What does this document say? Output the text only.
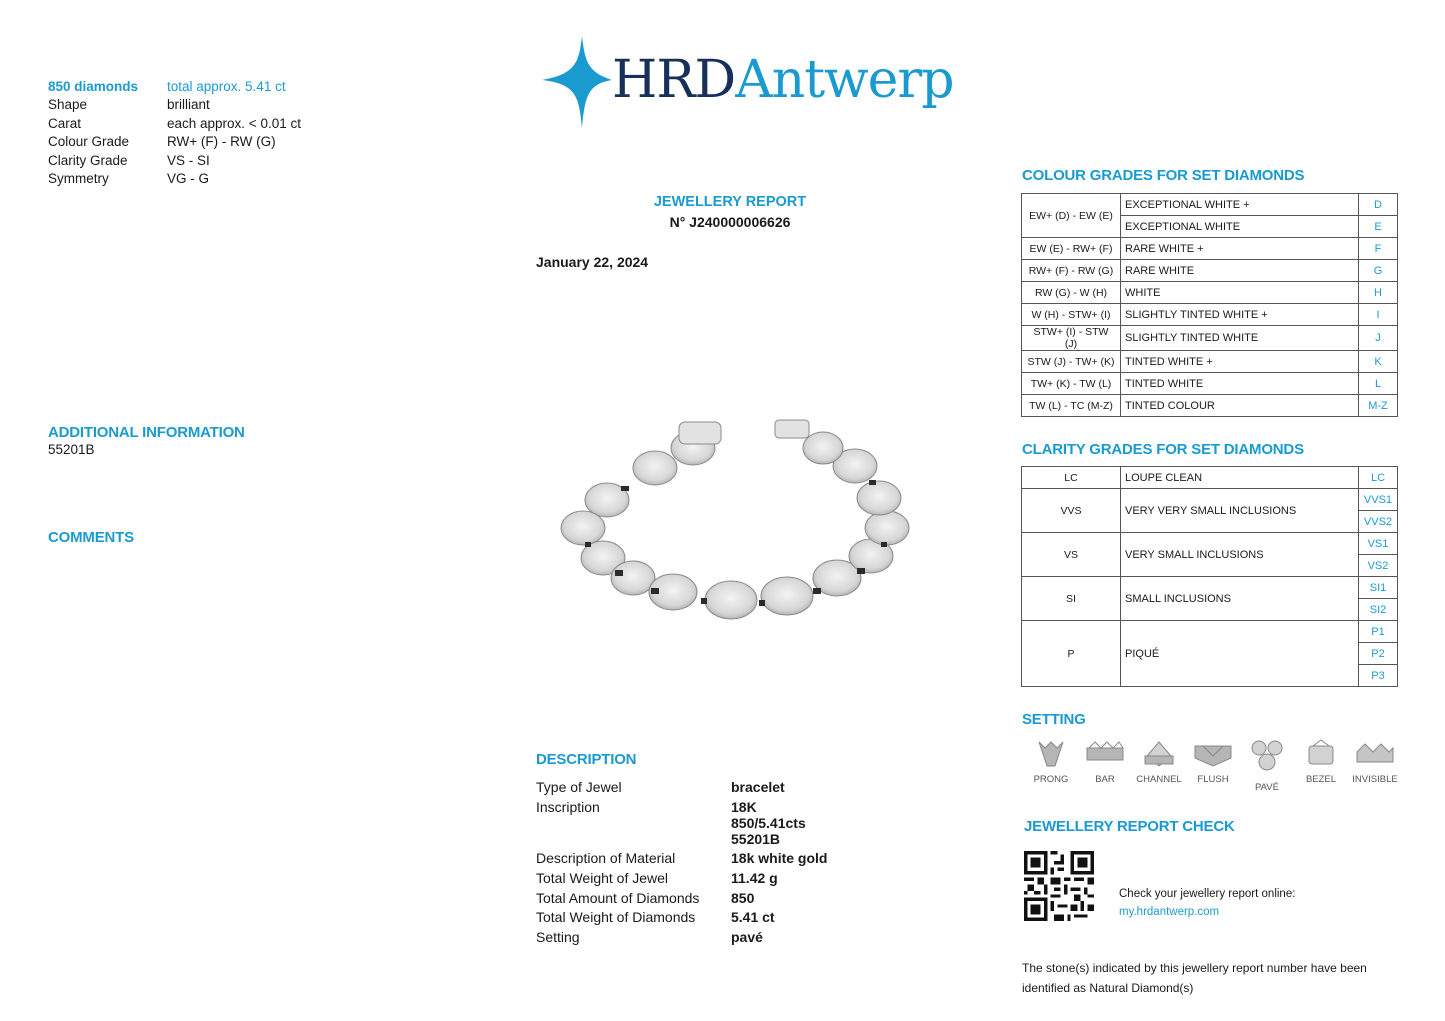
850 diamonds	total approx. 5.41 ct
Shape	brilliant
Carat	each approx. < 0.01 ct
Colour Grade	RW+ (F) - RW (G)
Clarity Grade	VS - SI
Symmetry	VG - G
ADDITIONAL INFORMATION
55201B
COMMENTS
HRDAntwerp
JEWELLERY REPORT
N° J240000006626
January 22, 2024
DESCRIPTION
Type of Jewel	bracelet
Inscription	18K
850/5.41cts
55201B
Description of Material	18k white gold
Total Weight of Jewel	11.42 g
Total Amount of Diamonds	850
Total Weight of Diamonds	5.41 ct
Setting	pavé
COLOUR GRADES FOR SET DIAMONDS
EW+ (D) - EW (E)	EXCEPTIONAL WHITE +	D
	EXCEPTIONAL WHITE	E
EW (E) - RW+ (F)	RARE WHITE +	F
RW+ (F) - RW (G)	RARE WHITE	G
RW (G) - W (H)	WHITE	H
W (H) - STW+ (I)	SLIGHTLY TINTED WHITE +	I
STW+ (I) - STW (J)	SLIGHTLY TINTED WHITE	J
STW (J) - TW+ (K)	TINTED WHITE +	K
TW+ (K) - TW (L)	TINTED WHITE	L
TW (L) - TC (M-Z)	TINTED COLOUR	M-Z
CLARITY GRADES FOR SET DIAMONDS
LC	LOUPE CLEAN	LC
VVS	VERY VERY SMALL INCLUSIONS	VVS1
		VVS2
VS	VERY SMALL INCLUSIONS	VS1
		VS2
SI	SMALL INCLUSIONS	SI1
		SI2
P	PIQUÉ	P1
		P2
		P3
SETTING
PRONG	BAR	CHANNEL	FLUSH
PAVÉ
BEZEL	INVISIBLE
JEWELLERY REPORT CHECK
Check your jewellery report online:
my.hrdantwerp.com
The stone(s) indicated by this jewellery report number have been identified as Natural Diamond(s)
